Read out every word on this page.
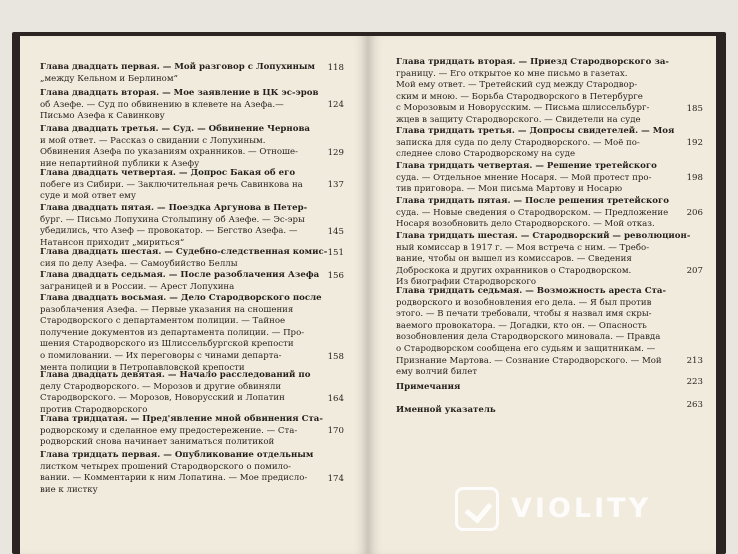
Глава двадцать первая. — Мой разговор с Лопухиным
„между Кельном и Берлином“
118
Глава двадцать вторая. — Мое заявление в ЦК эс-эров
об Азефе. — Суд по обвинению в клевете на Азефа.—
Письмо Азефа к Савинкову
124
Глава двадцать третья. — Суд. — Обвинение Чернова
и мой ответ. — Рассказ о свидании с Лопухиным.
Обвинения Азефа по указаниям охранников. — Отноше-
ние непартийной публики к Азефу
129
Глава двадцать четвертая. — Допрос Бакая об его
побеге из Сибири. — Заключительная речь Савинкова на
суде и мой ответ ему
137
Глава двадцать пятая. — Поездка Аргунова в Петер-
бург. — Письмо Лопухина Столыпину об Азефе. — Эс-эры
убедились, что Азеф — провокатор. — Бегство Азефа. —
Натансон приходит „мириться“
145
Глава двадцать шестая. — Судебно-следственная комис-
сия по делу Азефа. — Самоубийство Беллы
151
Глава двадцать седьмая. — После разоблачения Азефа
заграницей и в России. — Арест Лопухина
156
Глава двадцать восьмая. — Дело Стародворского после
разоблачения Азефа. — Первые указания на сношения
Стародворского с департаментом полиции. — Тайное
получение документов из департамента полиции. — Про-
шения Стародворского из Шлиссельбургской крепости
о помиловании. — Их переговоры с чинами департа-
мента полиции в Петропавловской крепости
158
Глава двадцать девятая. — Начало расследований по
делу Стародворского. — Морозов и другие обвиняли
Стародворского. — Морозов, Новорусский и Лопатин
против Стародворского
164
Глава тридцатая. — Пред'явление мной обвинения Ста-
родворскому и сделанное ему предостережение. — Ста-
родворский снова начинает заниматься политикой
170
Глава тридцать первая. — Опубликование отдельным
листком четырех прошений Стародворского о помило-
вании. — Комментарии к ним Лопатина. — Мое предисло-
вие к листку
174
Глава тридцать вторая. — Приезд Стародворского за-
границу. — Его открытое ко мне письмо в газетах.
Мой ему ответ. — Третейский суд между Стародвор-
ским и мною. — Борьба Стародворского в Петербурге
с Морозовым и Новорусским. — Письма шлиссельбург-
жцев в защиту Стародворского. — Свидетели на суде
185
Глава тридцать третья. — Допросы свидетелей. — Моя
записка для суда по делу Стародворского. — Моё по-
следнее слово Стародворскому на суде
192
Глава тридцать четвертая. — Решение третейского
суда. — Отдельное мнение Носаря. — Мой протест про-
тив приговора. — Мои письма Мартову и Носарю
198
Глава тридцать пятая. — После решения третейского
суда. — Новые сведения о Стародворском. — Предложение
Носаря возобновить дело Стародворского. — Мой отказ.
206
Глава тридцать шестая. — Стародворский — революцион-
ный комиссар в 1917 г. — Моя встреча с ним. — Требо-
вание, чтобы он вышел из комиссаров. — Сведения
Доброскока и других охранников о Стародворском.
Из биографии Стародворского
207
Глава тридцать седьмая. — Возможность ареста Ста-
родворского и возобновления его дела. — Я был против
этого. — В печати требовали, чтобы я назвал имя скры-
ваемого провокатора. — Догадки, кто он. — Опасность
возобновления дела Стародворского миновала. — Правда
о Стародворском сообщена его судьям и защитникам. —
Признание Мартова. — Сознание Стародворского. — Мой
ему волчий билет
213
Примечания	223
Именной указатель	263
VIOLITY
